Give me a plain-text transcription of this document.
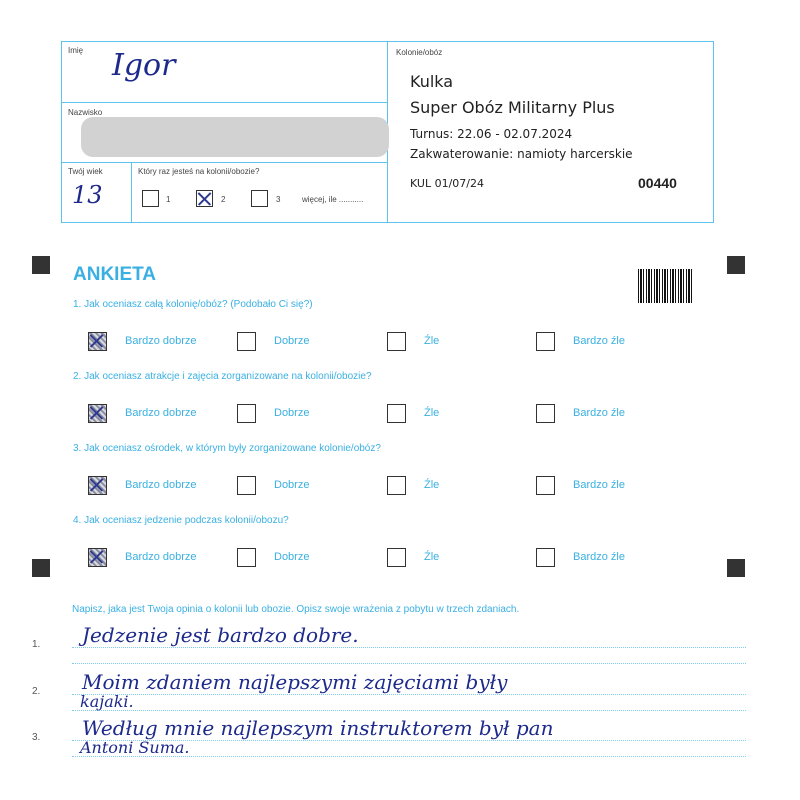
Imię Igor
Nazwisko
Twój wiek
13
Który raz jesteś na kolonii/obozie?
1	2	3	więcej, ile ...........
Kolonie/obóz
Kulka
Super Obóz Militarny Plus
Turnus: 22.06 - 02.07.2024
Zakwaterowanie: namioty harcerskie
KUL 01/07/24	00440
ANKIETA
1. Jak oceniasz całą kolonię/obóz? (Podobało Ci się?)
Bardzo dobrze	Dobrze	Źle	Bardzo źle
2. Jak oceniasz atrakcje i zajęcia zorganizowane na kolonii/obozie?
Bardzo dobrze	Dobrze	Źle	Bardzo źle
3. Jak oceniasz ośrodek, w którym były zorganizowane kolonie/obóz?
Bardzo dobrze	Dobrze	Źle	Bardzo źle
4. Jak oceniasz jedzenie podczas kolonii/obozu?
Bardzo dobrze	Dobrze	Źle	Bardzo źle
Napisz, jaka jest Twoja opinia o kolonii lub obozie. Opisz swoje wrażenia z pobytu w trzech zdaniach.
1. Jedzenie jest bardzo dobre.
2. Moim zdaniem najlepszymi zajęciami były
kajaki.
3. Według mnie najlepszym instruktorem był pan
Antoni Suma.
